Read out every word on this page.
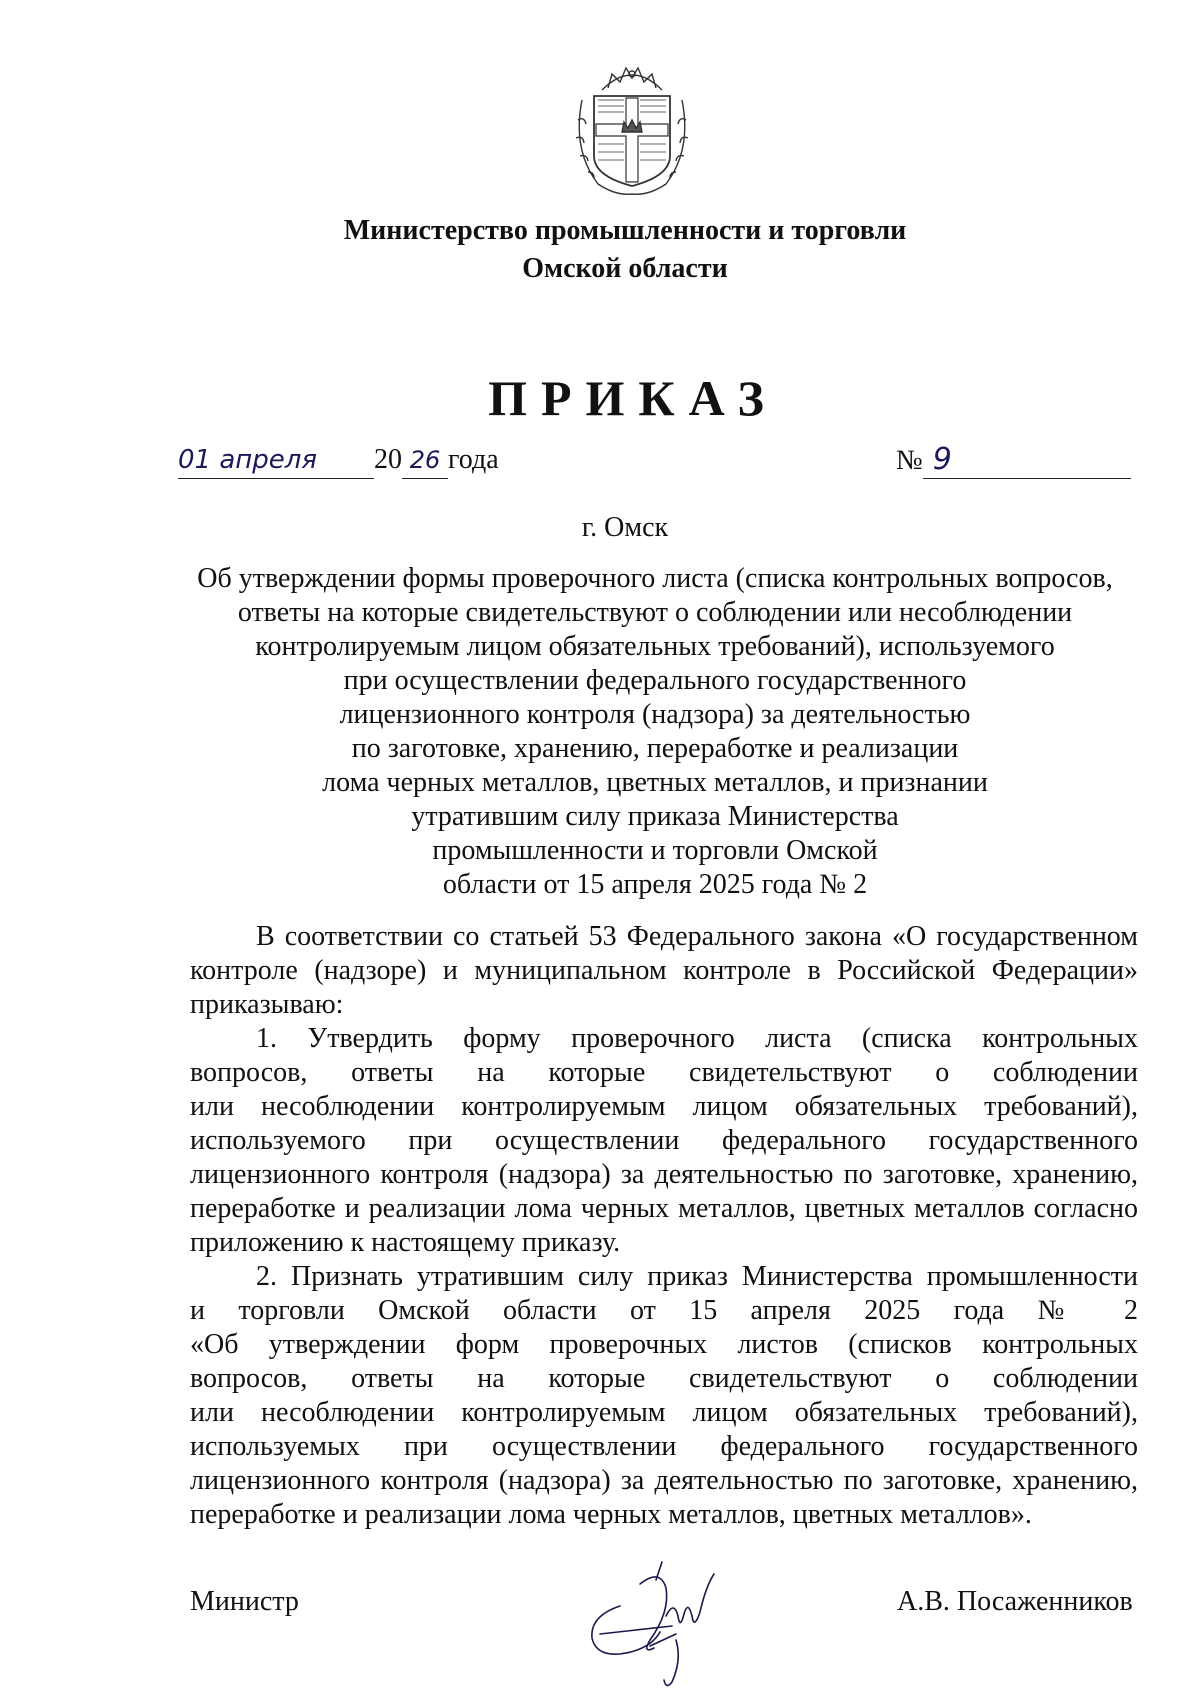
Министерство промышленности и торговли
Омской области
ПРИКАЗ
01 апреля 20 26 года	№ 9
г. Омск
Об утверждении формы проверочного листа (списка контрольных вопросов,
ответы на которые свидетельствуют о соблюдении или несоблюдении
контролируемым лицом обязательных требований), используемого
при осуществлении федерального государственного
лицензионного контроля (надзора) за деятельностью
по заготовке, хранению, переработке и реализации
лома черных металлов, цветных металлов, и признании
утратившим силу приказа Министерства
промышленности и торговли Омской
области от 15 апреля 2025 года № 2
В соответствии со статьей 53 Федерального закона «О государственном
контроле (надзоре) и муниципальном контроле в Российской Федерации»
приказываю:
1. Утвердить форму проверочного листа (списка контрольных
вопросов, ответы на которые свидетельствуют о соблюдении
или несоблюдении контролируемым лицом обязательных требований),
используемого при осуществлении федерального государственного
лицензионного контроля (надзора) за деятельностью по заготовке, хранению,
переработке и реализации лома черных металлов, цветных металлов согласно
приложению к настоящему приказу.
2. Признать утратившим силу приказ Министерства промышленности
и торговли Омской области от 15 апреля 2025 года № 2
«Об утверждении форм проверочных листов (списков контрольных
вопросов, ответы на которые свидетельствуют о соблюдении
или несоблюдении контролируемым лицом обязательных требований),
используемых при осуществлении федерального государственного
лицензионного контроля (надзора) за деятельностью по заготовке, хранению,
переработке и реализации лома черных металлов, цветных металлов».
Министр	А.В. Посаженников
